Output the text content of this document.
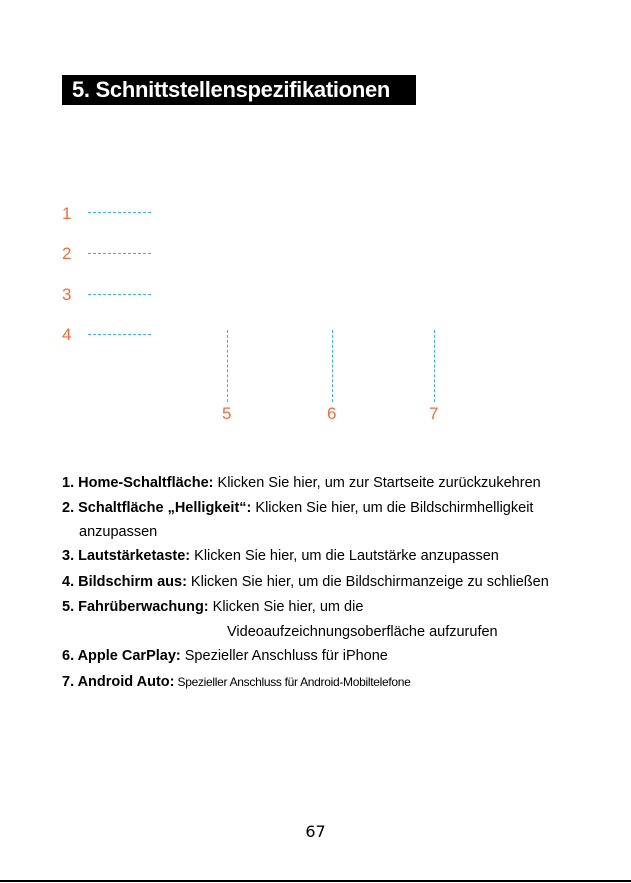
5. Schnittstellenspezifikationen
1
2
3
4
5	6	7
1. Home-Schaltfläche: Klicken Sie hier, um zur Startseite zurückzukehren
2. Schaltfläche „Helligkeit“: Klicken Sie hier, um die Bildschirmhelligkeit
anzupassen
3. Lautstärketaste: Klicken Sie hier, um die Lautstärke anzupassen
4. Bildschirm aus: Klicken Sie hier, um die Bildschirmanzeige zu schließen
5. Fahrüberwachung: Klicken Sie hier, um die
Videoaufzeichnungsoberfläche aufzurufen
6. Apple CarPlay: Spezieller Anschluss für iPhone
7. Android Auto: Spezieller Anschluss für Android-Mobiltelefone
67
